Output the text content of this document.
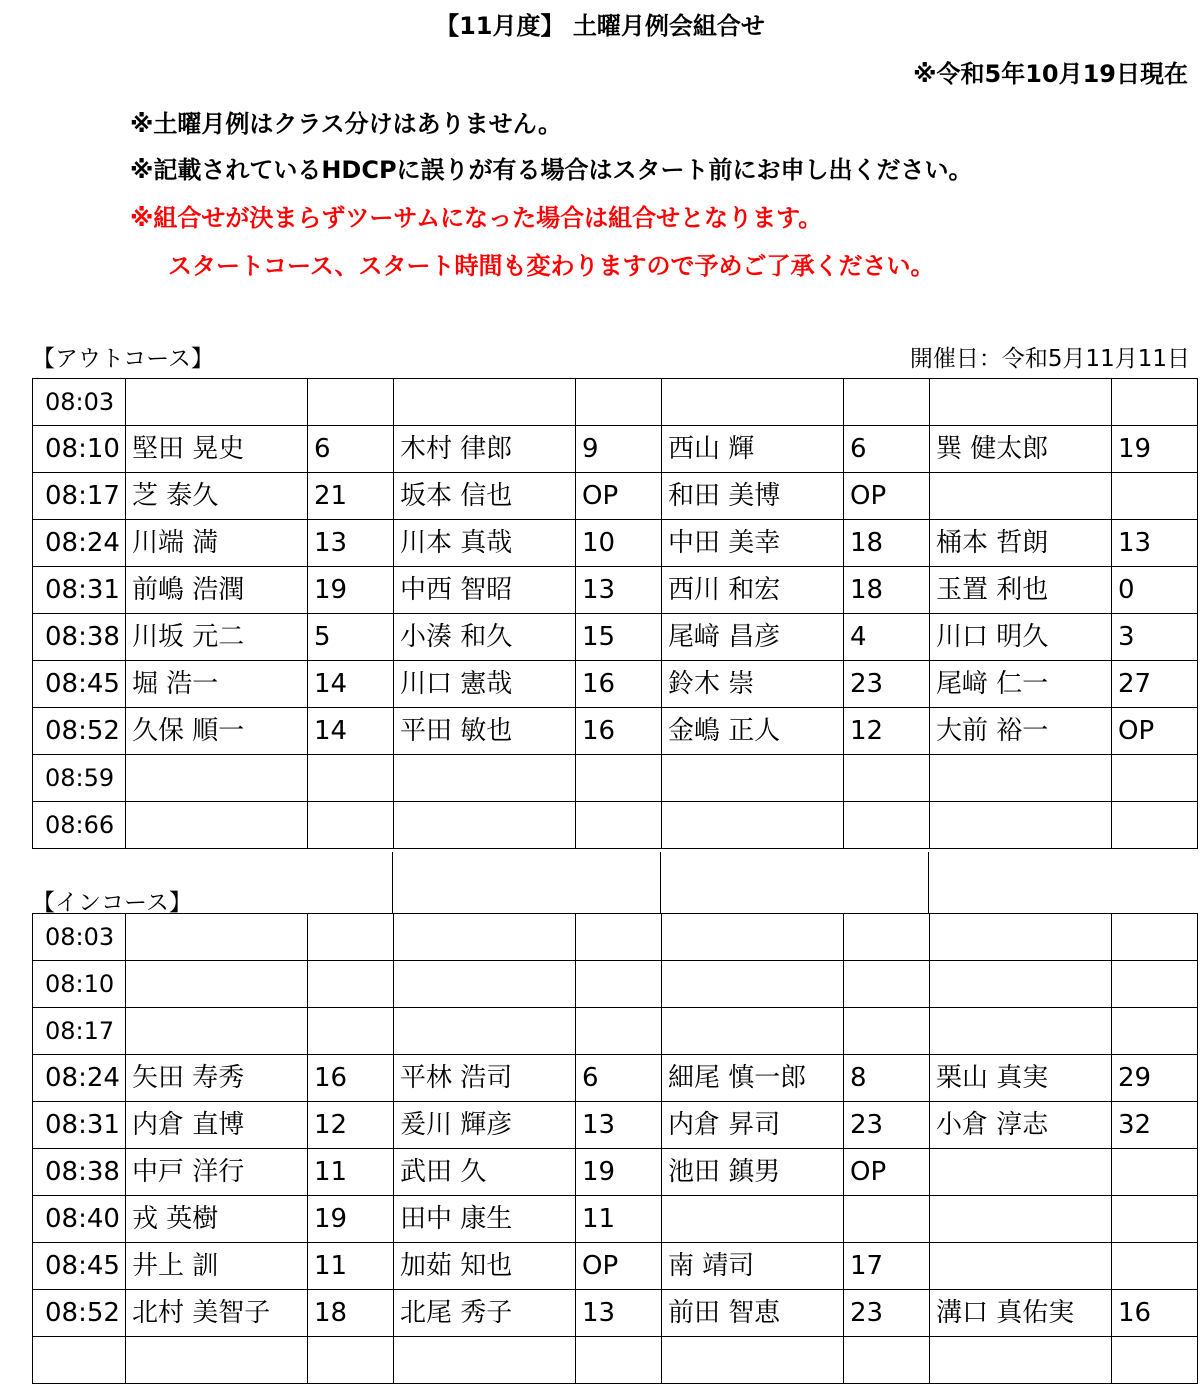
【11月度】 土曜月例会組合せ
※令和5年10月19日現在
※土曜月例はクラス分けはありません。
※記載されているHDCPに誤りが有る場合はスタート前にお申し出ください。
※組合せが決まらずツーサムになった場合は組合せとなります。
スタートコース、スタート時間も変わりますので予めご了承ください。
【アウトコース】	開催日：令和5月11月11日
08:03								
08:10	堅田 晃史	6	木村 律郎	9	西山 輝	6	巽 健太郎	19
08:17	芝 泰久	21	坂本 信也	OP	和田 美博	OP		
08:24	川端 満	13	川本 真哉	10	中田 美幸	18	桶本 哲朗	13
08:31	前嶋 浩潤	19	中西 智昭	13	西川 和宏	18	玉置 利也	0
08:38	川坂 元二	5	小湊 和久	15	尾﨑 昌彦	4	川口 明久	3
08:45	堀 浩一	14	川口 憲哉	16	鈴木 崇	23	尾﨑 仁一	27
08:52	久保 順一	14	平田 敏也	16	金嶋 正人	12	大前 裕一	OP
08:59								
08:66								
【インコース】
08:03								
08:10								
08:17								
08:24	矢田 寿秀	16	平林 浩司	6	細尾 慎一郎	8	栗山 真実	29
08:31	内倉 直博	12	爰川 輝彦	13	内倉 昇司	23	小倉 淳志	32
08:38	中戸 洋行	11	武田 久	19	池田 鎮男	OP		
08:40	戎 英樹	19	田中 康生	11				
08:45	井上 訓	11	加茹 知也	OP	南 靖司	17		
08:52	北村 美智子	18	北尾 秀子	13	前田 智恵	23	溝口 真佑実	16
